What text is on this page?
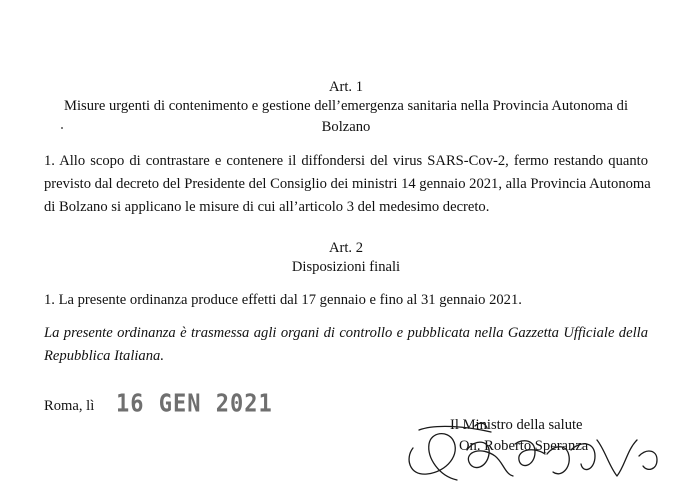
Art. 1
Misure urgenti di contenimento e gestione dell’emergenza sanitaria nella Provincia Autonoma di
Bolzano
1. Allo scopo di contrastare e contenere il diffondersi del virus SARS-Cov-2, fermo restando quanto
previsto dal decreto del Presidente del Consiglio dei ministri 14 gennaio 2021, alla Provincia Autonoma
di Bolzano si applicano le misure di cui all’articolo 3 del medesimo decreto.
Art. 2
Disposizioni finali
1. La presente ordinanza produce effetti dal 17 gennaio e fino al 31 gennaio 2021.
La presente ordinanza è trasmessa agli organi di controllo e pubblicata nella Gazzetta Ufficiale della
Repubblica Italiana.
Roma, lì 16 GEN 2021
Il Ministro della salute
On. Roberto Speranza
